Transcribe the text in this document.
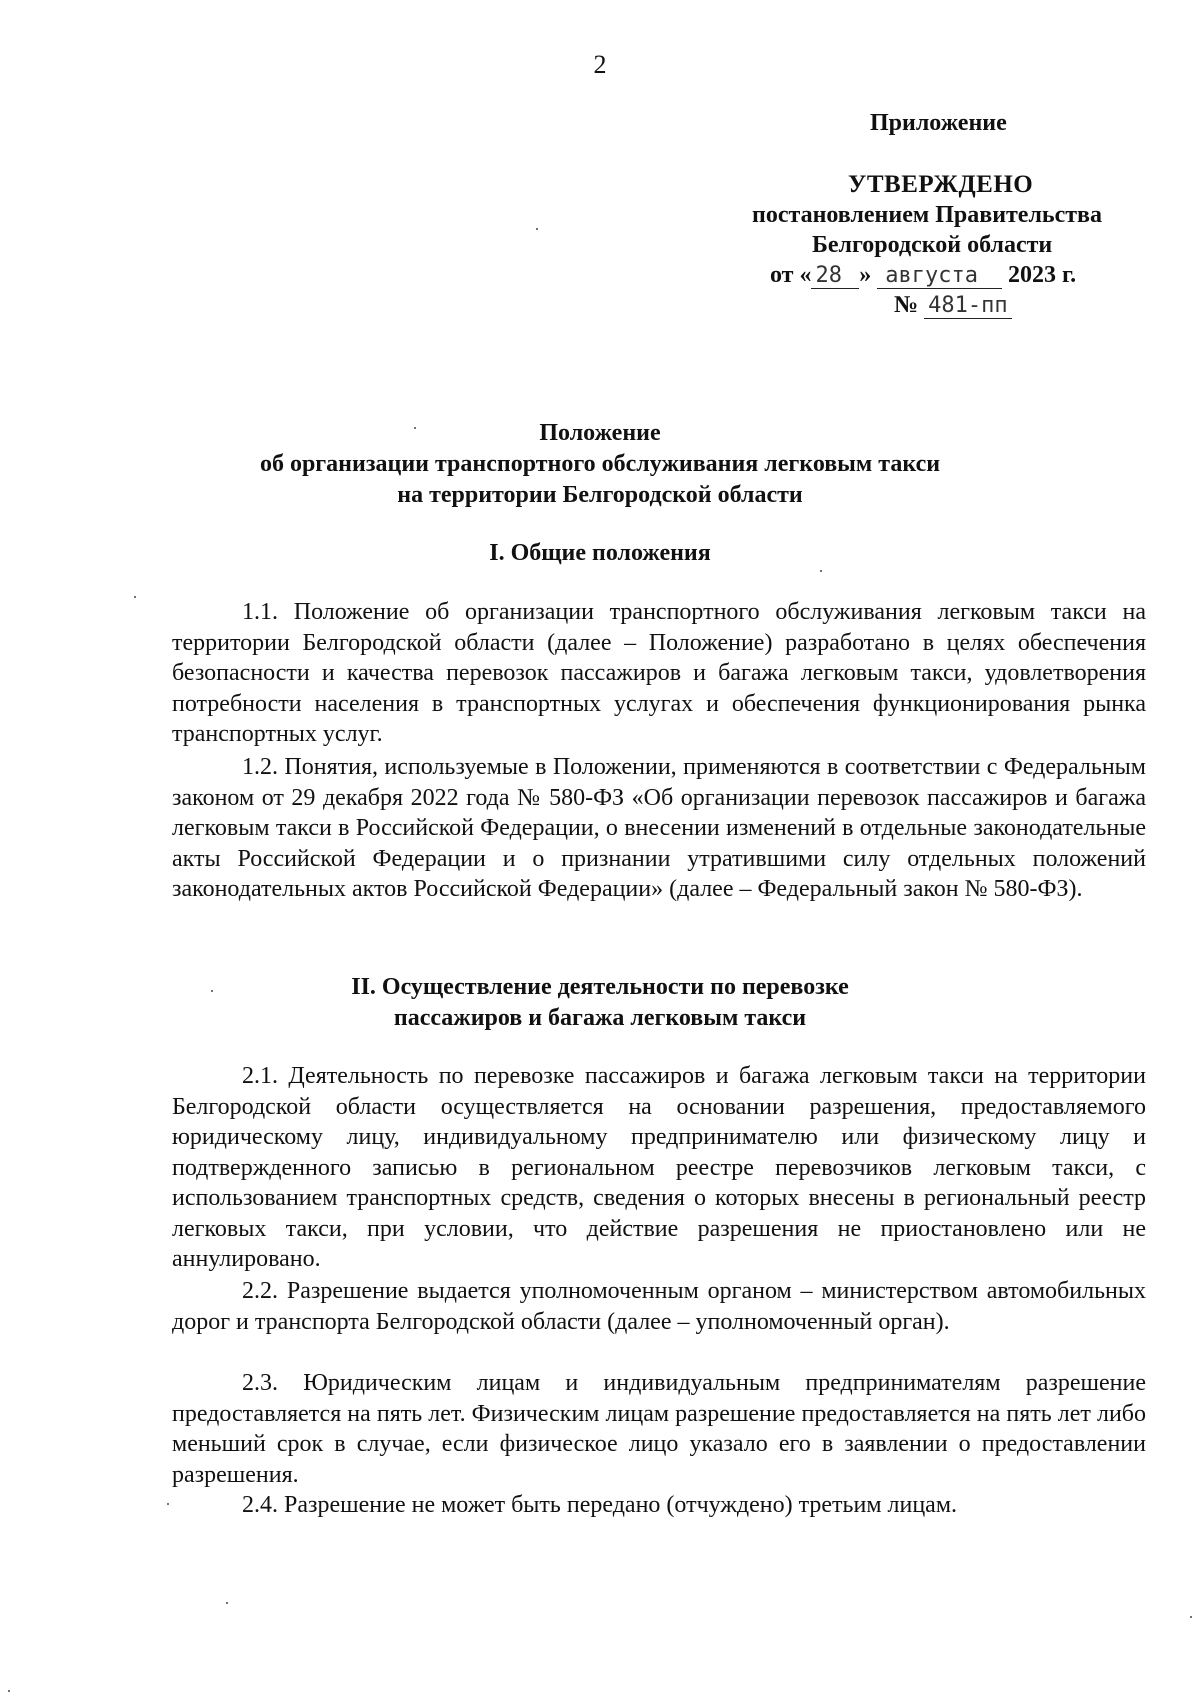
2
Приложение
УТВЕРЖДЕНО
постановлением Правительства
Белгородской области
от « 28 » августа 2023 г.
№ 481-пп
Положение
об организации транспортного обслуживания легковым такси
на территории Белгородской области
I. Общие положения
1.1. Положение об организации транспортного обслуживания легковым такси на территории Белгородской области (далее – Положение) разработано в целях обеспечения безопасности и качества перевозок пассажиров и багажа легковым такси, удовлетворения потребности населения в транспортных услугах и обеспечения функционирования рынка транспортных услуг.
1.2. Понятия, используемые в Положении, применяются в соответствии с Федеральным законом от 29 декабря 2022 года № 580-ФЗ «Об организации перевозок пассажиров и багажа легковым такси в Российской Федерации, о внесении изменений в отдельные законодательные акты Российской Федерации и о признании утратившими силу отдельных положений законодательных актов Российской Федерации» (далее – Федеральный закон № 580-ФЗ).
II. Осуществление деятельности по перевозке
пассажиров и багажа легковым такси
2.1. Деятельность по перевозке пассажиров и багажа легковым такси на территории Белгородской области осуществляется на основании разрешения, предоставляемого юридическому лицу, индивидуальному предпринимателю или физическому лицу и подтвержденного записью в региональном реестре перевозчиков легковым такси, с использованием транспортных средств, сведения о которых внесены в региональный реестр легковых такси, при условии, что действие разрешения не приостановлено или не аннулировано.
2.2. Разрешение выдается уполномоченным органом – министерством автомобильных дорог и транспорта Белгородской области (далее – уполномоченный орган).
2.3. Юридическим лицам и индивидуальным предпринимателям разрешение предоставляется на пять лет. Физическим лицам разрешение предоставляется на пять лет либо меньший срок в случае, если физическое лицо указало его в заявлении о предоставлении разрешения.
2.4. Разрешение не может быть передано (отчуждено) третьим лицам.
